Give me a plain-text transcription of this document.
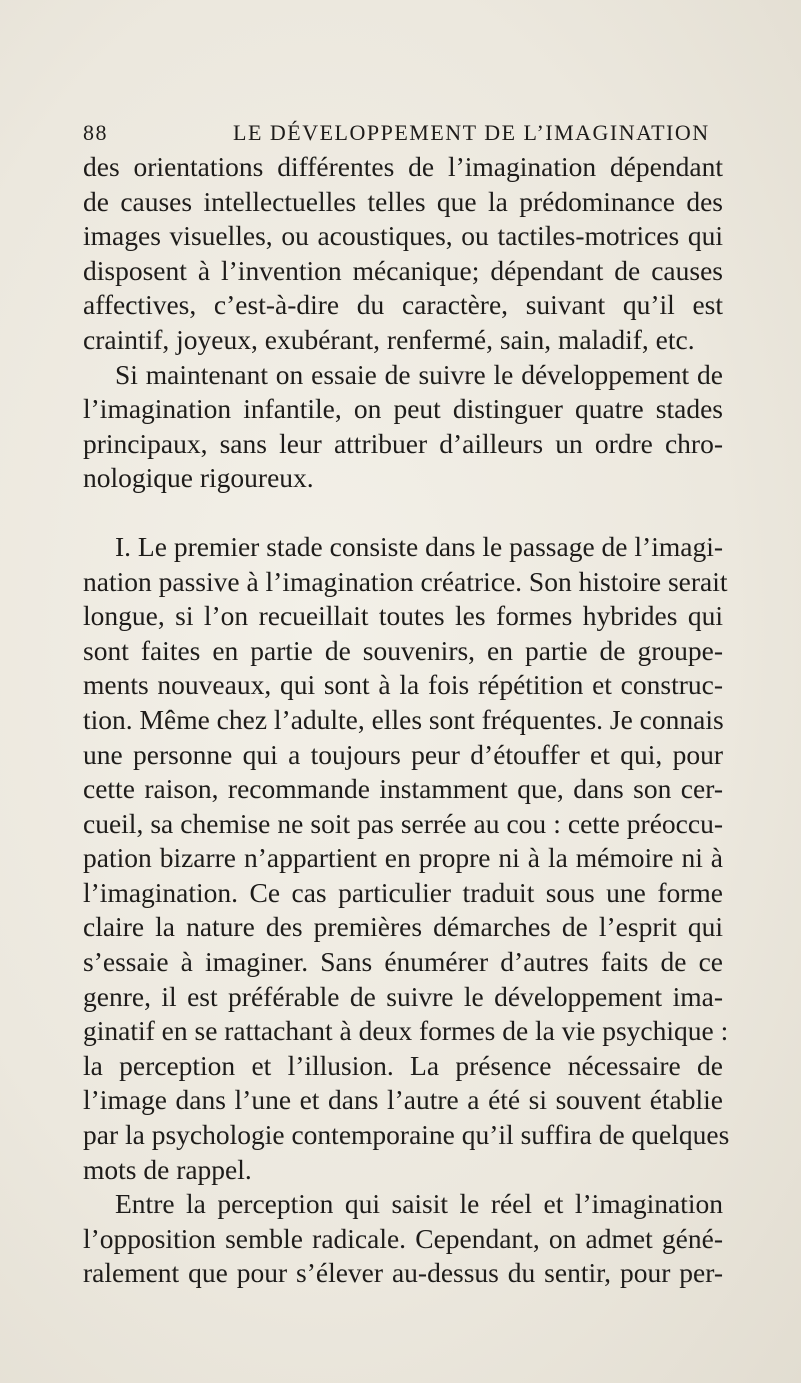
88	LE DÉVELOPPEMENT DE L’IMAGINATION
des orientations différentes de l’imagination dépendant
de causes intellectuelles telles que la prédominance des
images visuelles, ou acoustiques, ou tactiles-motrices qui
disposent à l’invention mécanique; dépendant de causes
affectives, c’est-à-dire du caractère, suivant qu’il est
craintif, joyeux, exubérant, renfermé, sain, maladif, etc.
Si maintenant on essaie de suivre le développement de
l’imagination infantile, on peut distinguer quatre stades
principaux, sans leur attribuer d’ailleurs un ordre chro-
nologique rigoureux.
I. Le premier stade consiste dans le passage de l’imagi-
nation passive à l’imagination créatrice. Son histoire serait
longue, si l’on recueillait toutes les formes hybrides qui
sont faites en partie de souvenirs, en partie de groupe-
ments nouveaux, qui sont à la fois répétition et construc-
tion. Même chez l’adulte, elles sont fréquentes. Je connais
une personne qui a toujours peur d’étouffer et qui, pour
cette raison, recommande instamment que, dans son cer-
cueil, sa chemise ne soit pas serrée au cou : cette préoccu-
pation bizarre n’appartient en propre ni à la mémoire ni à
l’imagination. Ce cas particulier traduit sous une forme
claire la nature des premières démarches de l’esprit qui
s’essaie à imaginer. Sans énumérer d’autres faits de ce
genre, il est préférable de suivre le développement ima-
ginatif en se rattachant à deux formes de la vie psychique :
la perception et l’illusion. La présence nécessaire de
l’image dans l’une et dans l’autre a été si souvent établie
par la psychologie contemporaine qu’il suffira de quelques
mots de rappel.
Entre la perception qui saisit le réel et l’imagination
l’opposition semble radicale. Cependant, on admet géné-
ralement que pour s’élever au-dessus du sentir, pour per-
